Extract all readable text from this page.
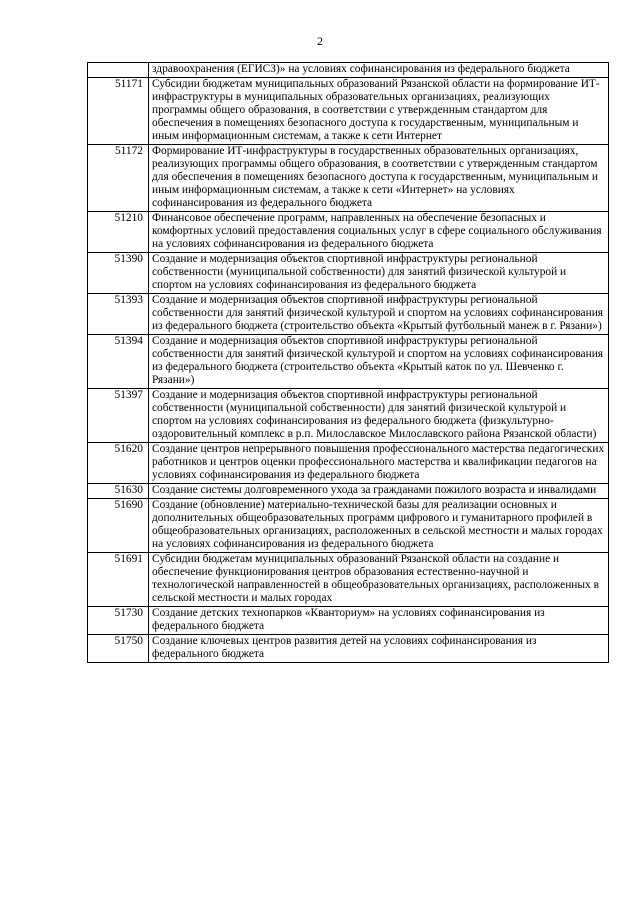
2
	здравоохранения (ЕГИСЗ)» на условиях софинансирования из федерального бюджета
51171	Субсидии бюджетам муниципальных образований Рязанской области на формирование ИТ-инфраструктуры в муниципальных образовательных организациях, реализующих программы общего образования, в соответствии с утвержденным стандартом для обеспечения в помещениях безопасного доступа к государственным, муниципальным и иным информационным системам, а также к сети Интернет
51172	Формирование ИТ-инфраструктуры в государственных образовательных организациях, реализующих программы общего образования, в соответствии с утвержденным стандартом для обеспечения в помещениях безопасного доступа к государственным, муниципальным и иным информационным системам, а также к сети «Интернет» на условиях софинансирования из федерального бюджета
51210	Финансовое обеспечение программ, направленных на обеспечение безопасных и комфортных условий предоставления социальных услуг в сфере социального обслуживания на условиях софинансирования из федерального бюджета
51390	Создание и модернизация объектов спортивной инфраструктуры региональной собственности (муниципальной собственности) для занятий физической культурой и спортом на условиях софинансирования из федерального бюджета
51393	Создание и модернизация объектов спортивной инфраструктуры региональной собственности для занятий физической культурой и спортом на условиях софинансирования из федерального бюджета (строительство объекта «Крытый футбольный манеж в г. Рязани»)
51394	Создание и модернизация объектов спортивной инфраструктуры региональной собственности для занятий физической культурой и спортом на условиях софинансирования из федерального бюджета (строительство объекта «Крытый каток по ул. Шевченко г. Рязани»)
51397	Создание и модернизация объектов спортивной инфраструктуры региональной собственности (муниципальной собственности) для занятий физической культурой и спортом на условиях софинансирования из федерального бюджета (физкультурно-оздоровительный комплекс в р.п. Милославское Милославского района Рязанской области)
51620	Создание центров непрерывного повышения профессионального мастерства педагогических работников и центров оценки профессионального мастерства и квалификации педагогов на условиях софинансирования из федерального бюджета
51630	Создание системы долговременного ухода за гражданами пожилого возраста и инвалидами
51690	Создание (обновление) материально-технической базы для реализации основных и дополнительных общеобразовательных программ цифрового и гуманитарного профилей в общеобразовательных организациях, расположенных в сельской местности и малых городах на условиях софинансирования из федерального бюджета
51691	Субсидии бюджетам муниципальных образований Рязанской области на создание и обеспечение функционирования центров образования естественно-научной и технологической направленностей в общеобразовательных организациях, расположенных в сельской местности и малых городах
51730	Создание детских технопарков «Кванториум» на условиях софинансирования из федерального бюджета
51750	Создание ключевых центров развития детей на условиях софинансирования из федерального бюджета
